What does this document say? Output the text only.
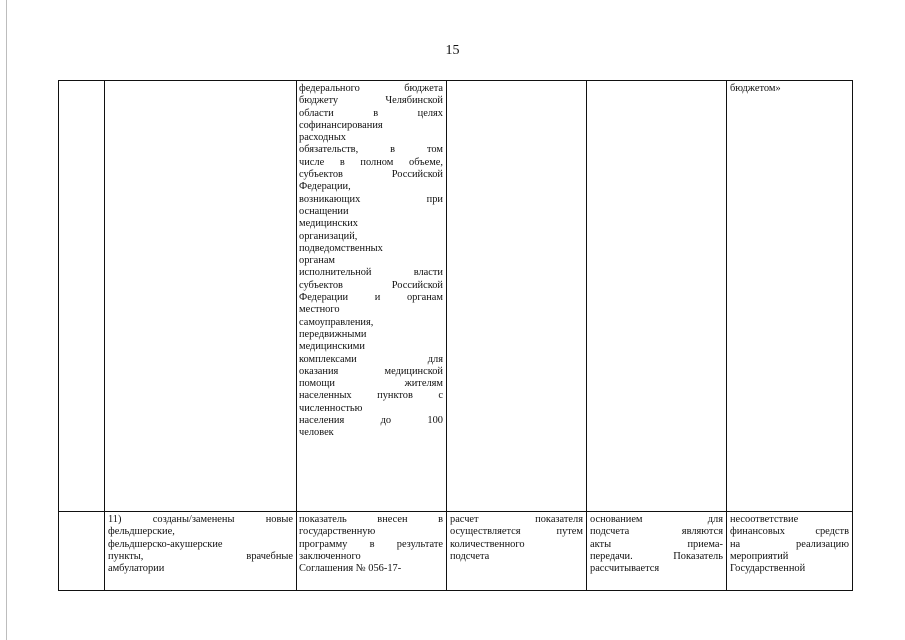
15
федерального бюджета
бюджету Челябинской
области в целях
софинансирования
расходных
обязательств, в том
числе в полном объеме,
субъектов Российской
Федерации,
возникающих при
оснащении
медицинских
организаций,
подведомственных
органам
исполнительной власти
субъектов Российской
Федерации и органам
местного
самоуправления,
передвижными
медицинскими
комплексами для
оказания медицинской
помощи жителям
населенных пунктов с
численностью
населения до 100
человек
бюджетом»
11) созданы/заменены новые
фельдшерские,
фельдшерско-акушерские
пункты, врачебные
амбулатории
показатель внесен в
государственную
программу в результате
заключенного
Соглашения № 056-17-
расчет показателя
осуществляется путем
количественного
подсчета
основанием для
подсчета являются
акты приема-
передачи. Показатель
рассчитывается
несоответствие
финансовых средств
на реализацию
мероприятий
Государственной
